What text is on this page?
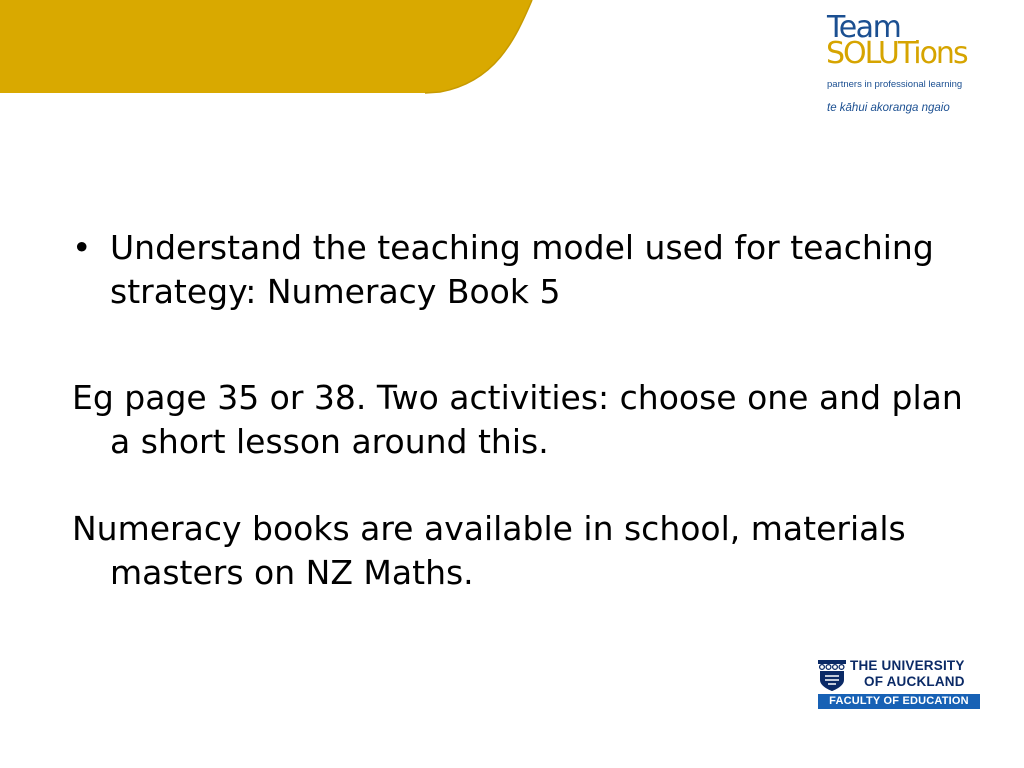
Team
SOLUTions
partners in professional learning
te kāhui akoranga ngaio

• Understand the teaching model used for teaching strategy: Numeracy Book 5

Eg page 35 or 38. Two activities: choose one and plan a short lesson around this.

Numeracy books are available in school, materials masters on NZ Maths.

THE UNIVERSITY
OF AUCKLAND
FACULTY OF EDUCATION
